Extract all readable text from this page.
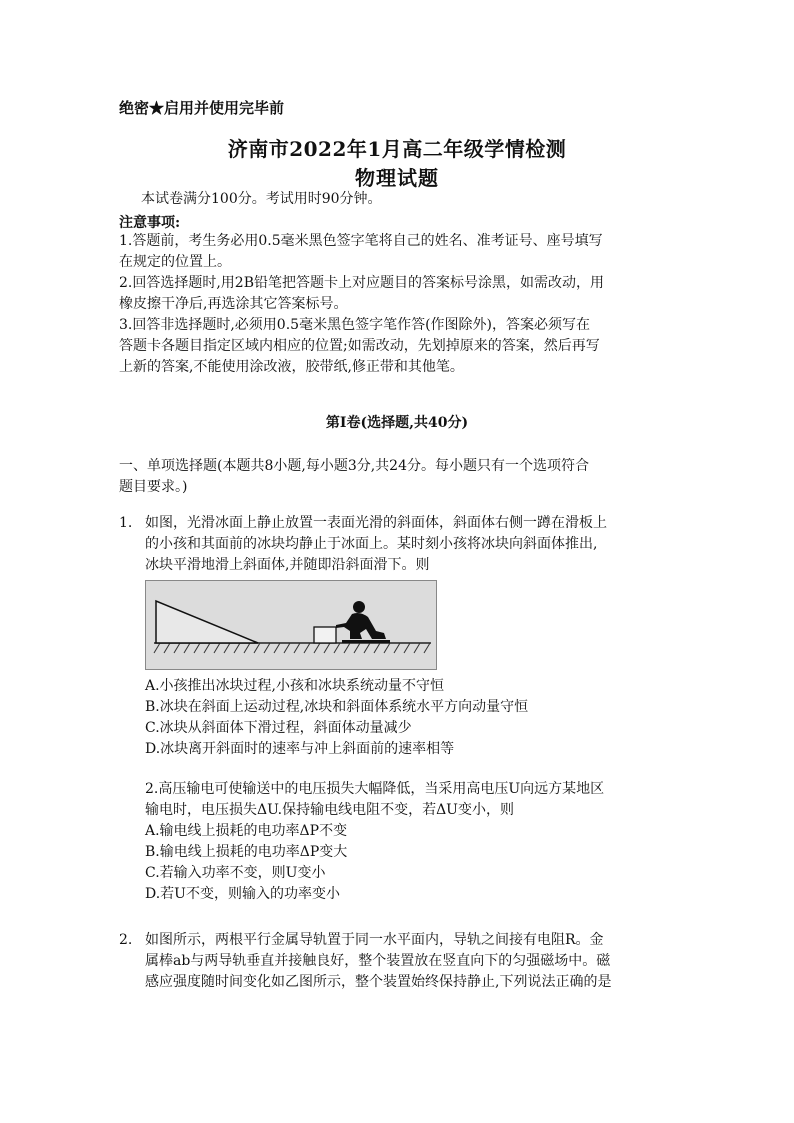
绝密★启用并使用完毕前
济南市2022年1月高二年级学情检测
物理试题
本试卷满分100分。考试用时90分钟。
注意事项:
1.答题前，考生务必用0.5毫米黑色签字笔将自己的姓名、准考证号、座号填写
在规定的位置上。
2.回答选择题时,用2B铅笔把答题卡上对应题目的答案标号涂黑，如需改动，用
橡皮擦干净后,再选涂其它答案标号。
3.回答非选择题时,必须用0.5毫米黑色签字笔作答(作图除外)，答案必须写在
答题卡各题目指定区域内相应的位置;如需改动，先划掉原来的答案，然后再写
上新的答案,不能使用涂改液，胶带纸,修正带和其他笔。
第Ⅰ卷(选择题,共40分)
一、单项选择题(本题共8小题,每小题3分,共24分。每小题只有一个选项符合
题目要求。)
1. 如图，光滑冰面上静止放置一表面光滑的斜面体，斜面体右侧一蹲在滑板上
的小孩和其面前的冰块均静止于冰面上。某时刻小孩将冰块向斜面体推出,
冰块平滑地滑上斜面体,并随即沿斜面滑下。则
A.小孩推出冰块过程,小孩和冰块系统动量不守恒
B.冰块在斜面上运动过程,冰块和斜面体系统水平方向动量守恒
C.冰块从斜面体下滑过程，斜面体动量减少
D.冰块离开斜面时的速率与冲上斜面前的速率相等
2.高压输电可使输送中的电压损失大幅降低，当采用高电压U向远方某地区
输电时，电压损失ΔU.保持输电线电阻不变，若ΔU变小，则
A.输电线上损耗的电功率ΔP不变
B.输电线上损耗的电功率ΔP变大
C.若输入功率不变，则U变小
D.若U不变，则输入的功率变小
2. 如图所示，两根平行金属导轨置于同一水平面内，导轨之间接有电阻R。金
属棒ab与两导轨垂直并接触良好，整个装置放在竖直向下的匀强磁场中。磁
感应强度随时间变化如乙图所示，整个装置始终保持静止,下列说法正确的是
